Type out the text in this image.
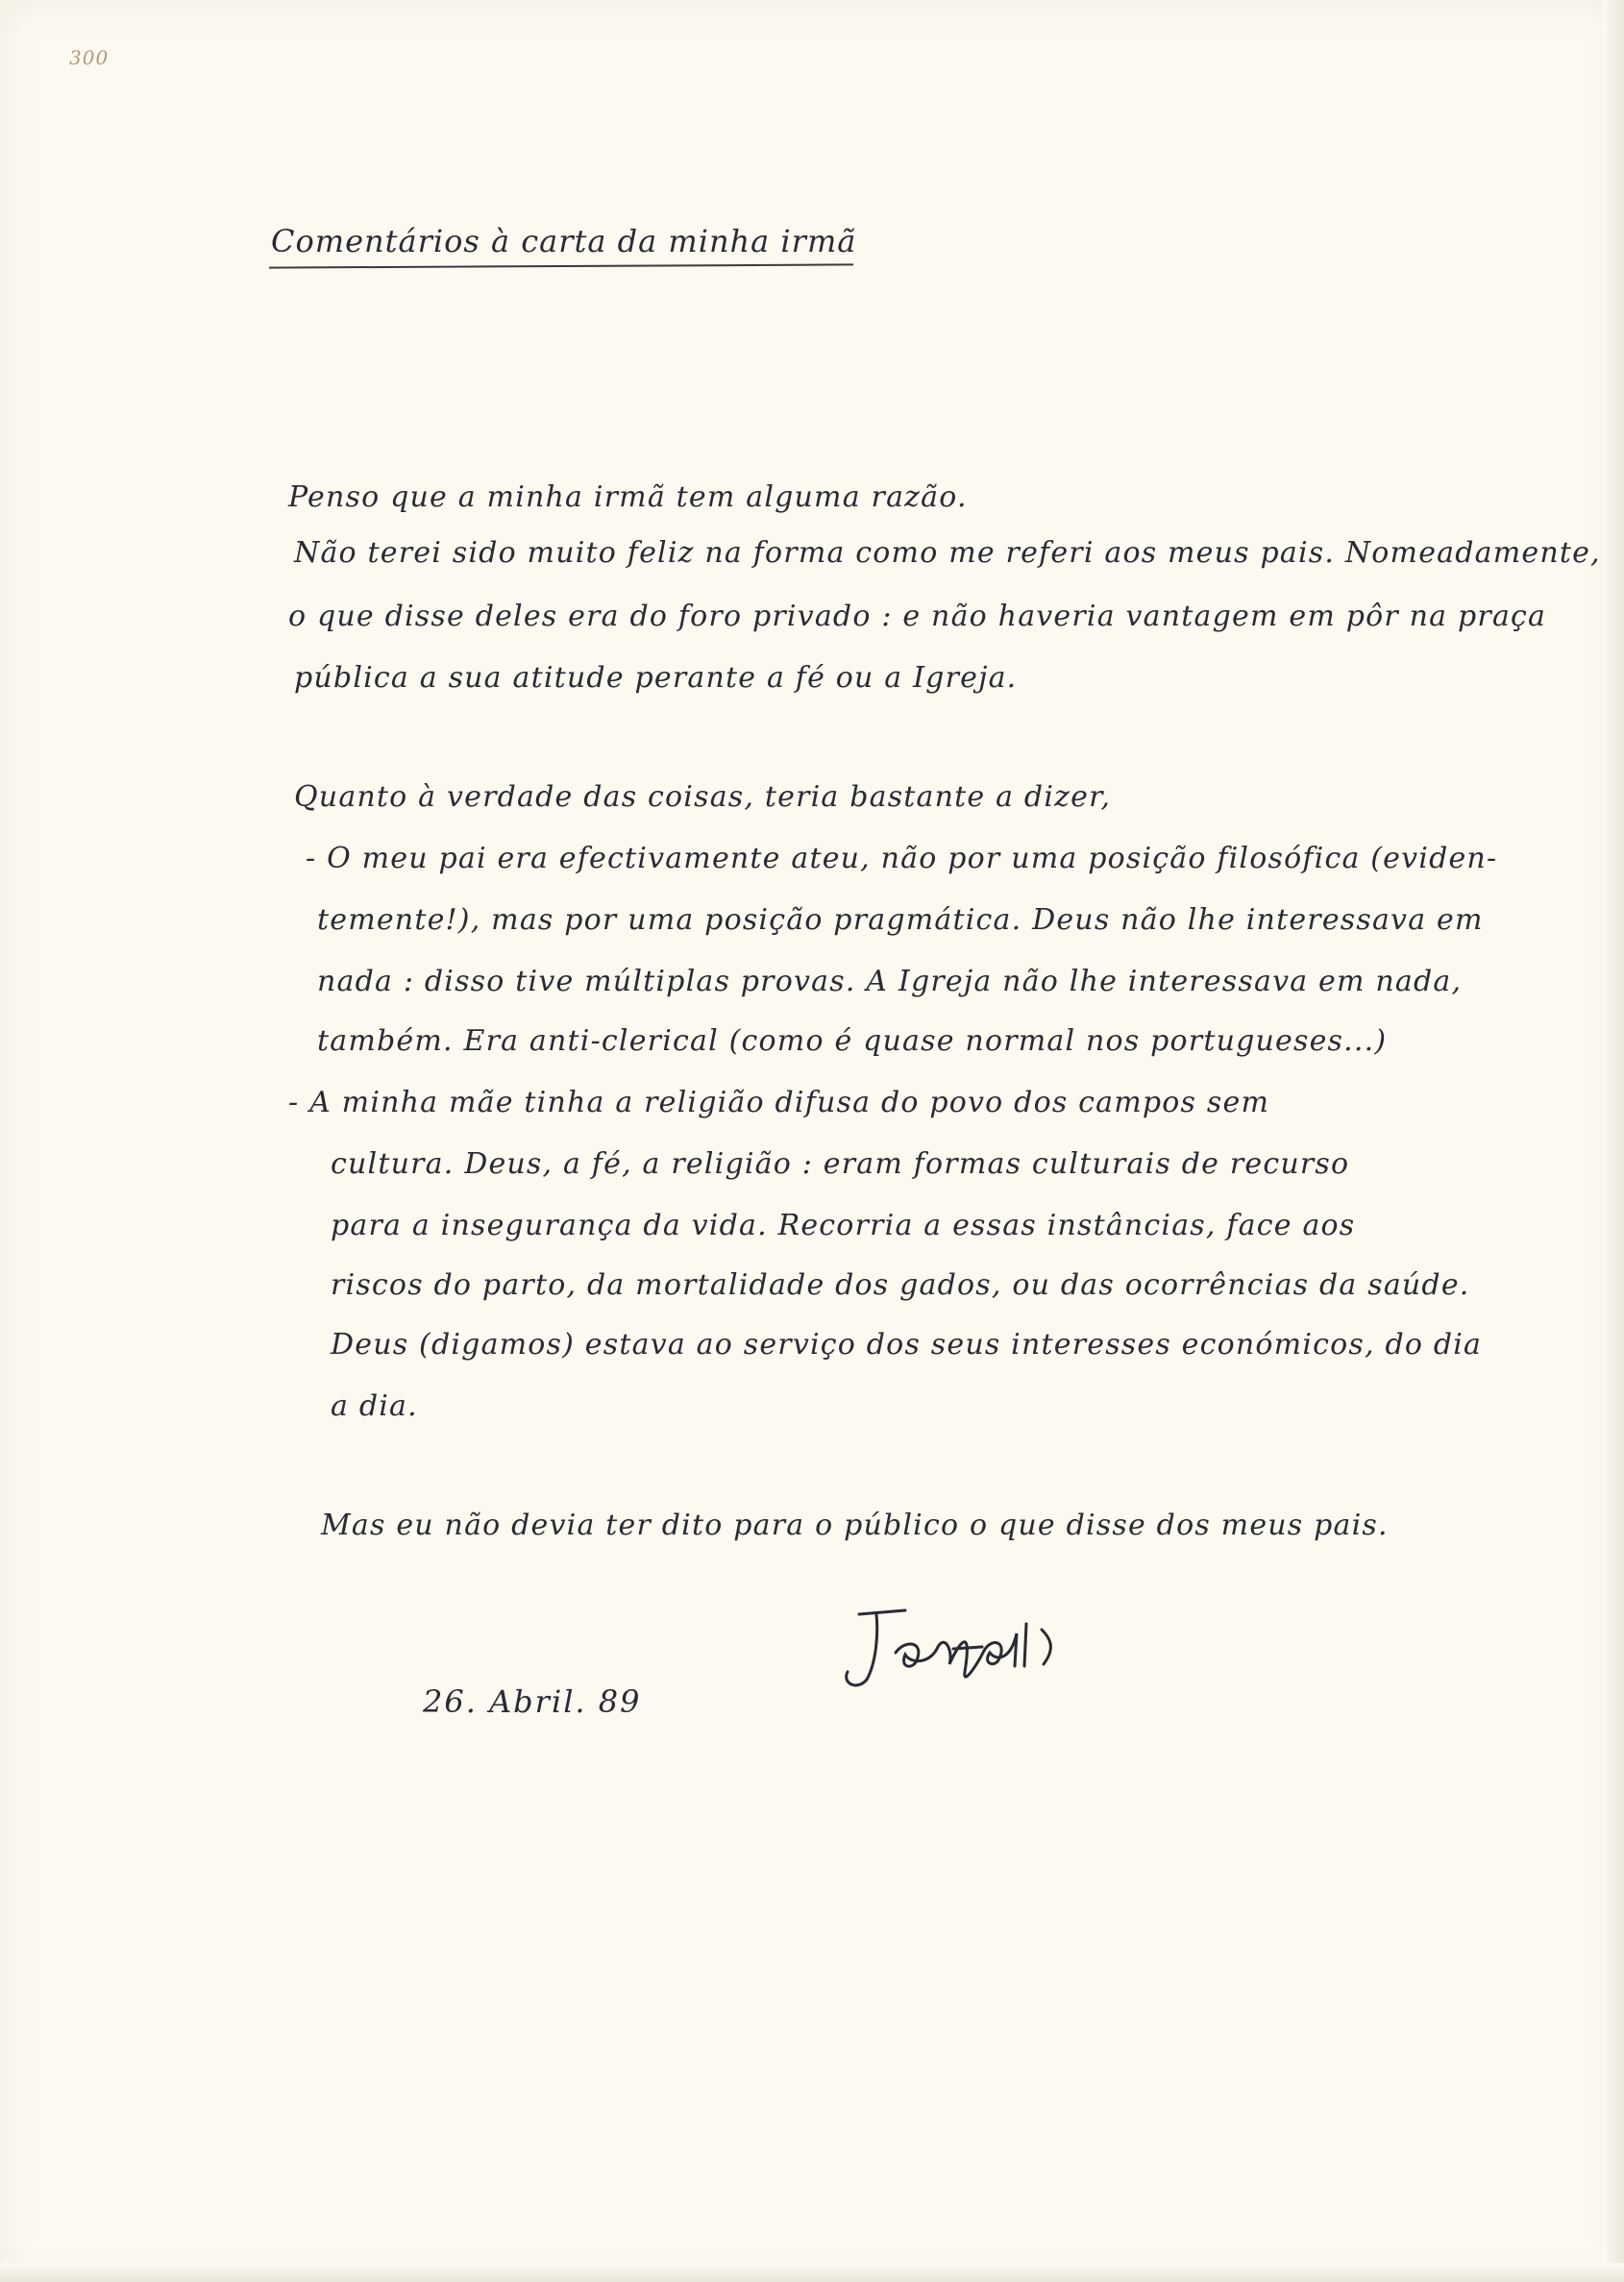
300
Comentários à carta da minha irmã
Penso que a minha irmã tem alguma razão.
Não terei sido muito feliz na forma como me referi aos meus pais. Nomeadamente,
o que disse deles era do foro privado : e não haveria vantagem em pôr na praça
pública a sua atitude perante a fé ou a Igreja.
Quanto à verdade das coisas, teria bastante a dizer,
- O meu pai era efectivamente ateu, não por uma posição filosófica (eviden-
temente!), mas por uma posição pragmática. Deus não lhe interessava em
nada : disso tive múltiplas provas. A Igreja não lhe interessava em nada,
também. Era anti-clerical (como é quase normal nos portugueses...)
- A minha mãe tinha a religião difusa do povo dos campos sem
cultura. Deus, a fé, a religião : eram formas culturais de recurso
para a insegurança da vida. Recorria a essas instâncias, face aos
riscos do parto, da mortalidade dos gados, ou das ocorrências da saúde.
Deus (digamos) estava ao serviço dos seus interesses económicos, do dia
a dia.
Mas eu não devia ter dito para o público o que disse dos meus pais.
26. Abril. 89
